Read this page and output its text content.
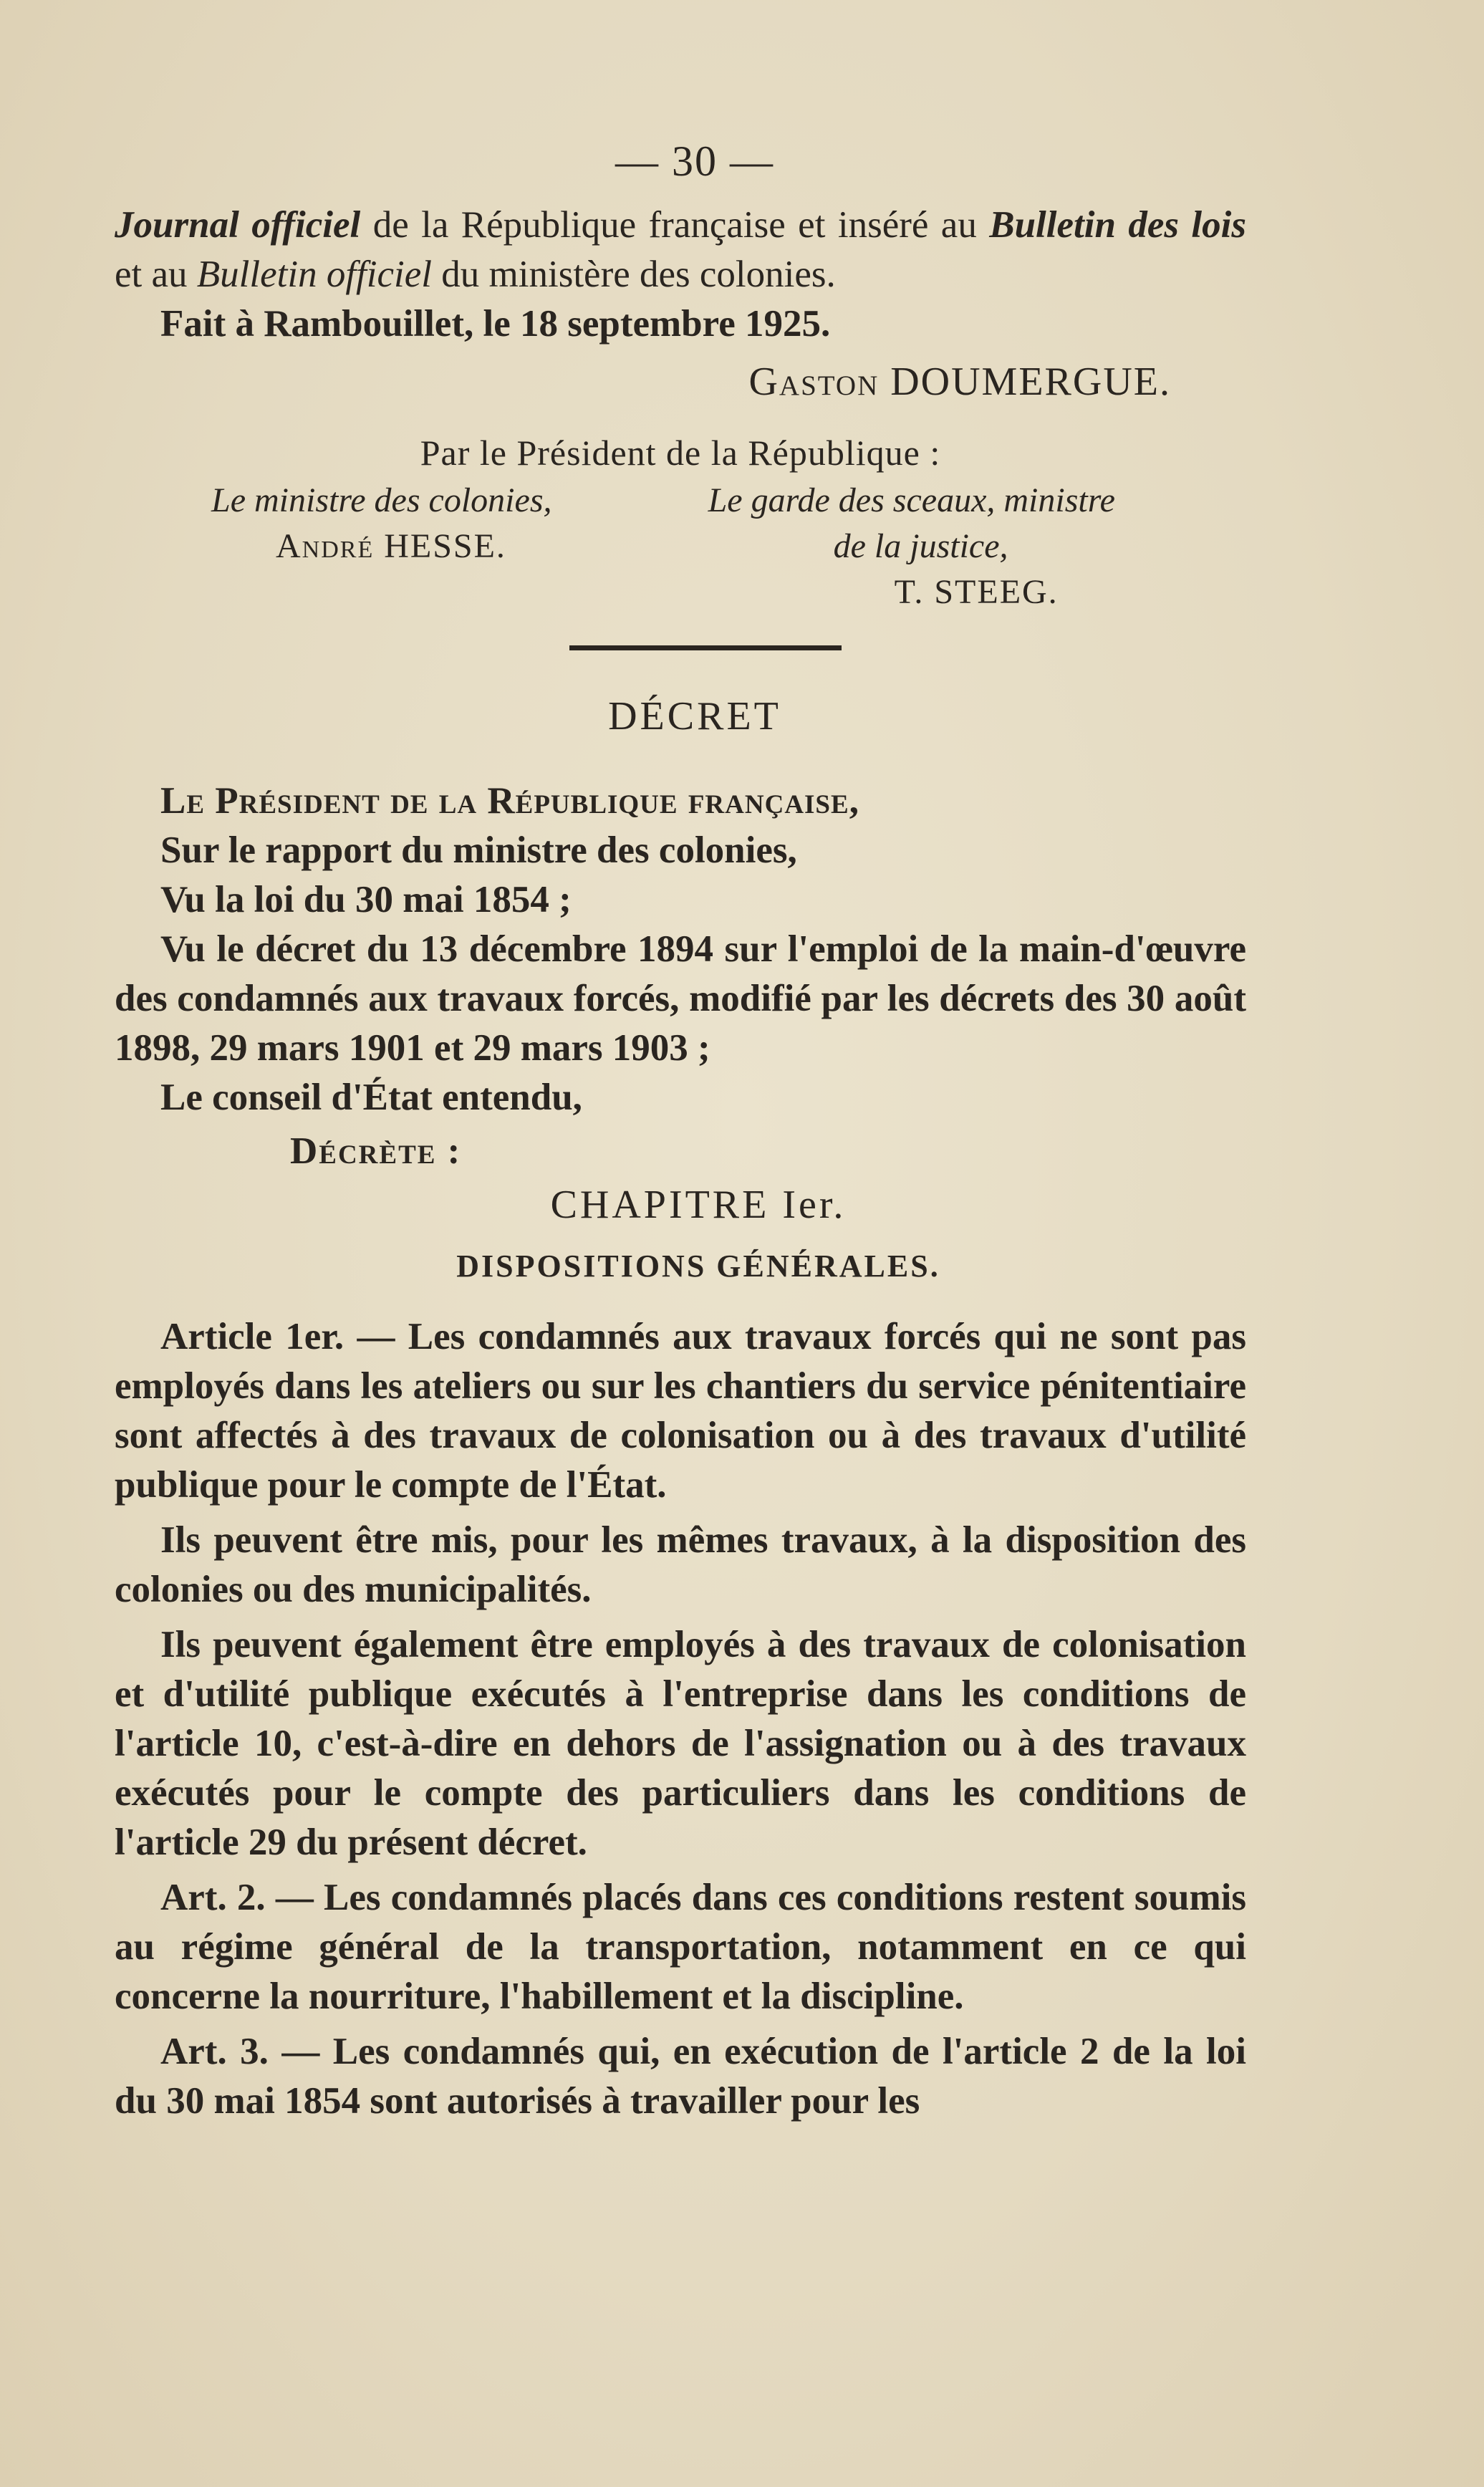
— 30 —

Journal officiel de la République française et inséré au Bulletin des lois et au Bulletin officiel du ministère des colonies.

Fait à Rambouillet, le 18 septembre 1925.

Gaston DOUMERGUE.
Par le Président de la République :
Le ministre des colonies,
André HESSE.
Le garde des sceaux, ministre
de la justice,
T. STEEG.
DÉCRET

Le Président de la République française,

Sur le rapport du ministre des colonies,

Vu la loi du 30 mai 1854 ;

Vu le décret du 13 décembre 1894 sur l'emploi de la main-d'œuvre des condamnés aux travaux forcés, modifié par les décrets des 30 août 1898, 29 mars 1901 et 29 mars 1903 ;

Le conseil d'État entendu,

Décrète :
CHAPITRE Ier.
DISPOSITIONS GÉNÉRALES.

Article 1er. — Les condamnés aux travaux forcés qui ne sont pas employés dans les ateliers ou sur les chantiers du service pénitentiaire sont affectés à des travaux de colonisation ou à des travaux d'utilité publique pour le compte de l'État.

Ils peuvent être mis, pour les mêmes travaux, à la disposition des colonies ou des municipalités.

Ils peuvent également être employés à des travaux de colonisation et d'utilité publique exécutés à l'entreprise dans les conditions de l'article 10, c'est-à-dire en dehors de l'assignation ou à des travaux exécutés pour le compte des particuliers dans les conditions de l'article 29 du présent décret.

Art. 2. — Les condamnés placés dans ces conditions restent soumis au régime général de la transportation, notamment en ce qui concerne la nourriture, l'habillement et la discipline.

Art. 3. — Les condamnés qui, en exécution de l'article 2 de la loi du 30 mai 1854 sont autorisés à travailler pour les
